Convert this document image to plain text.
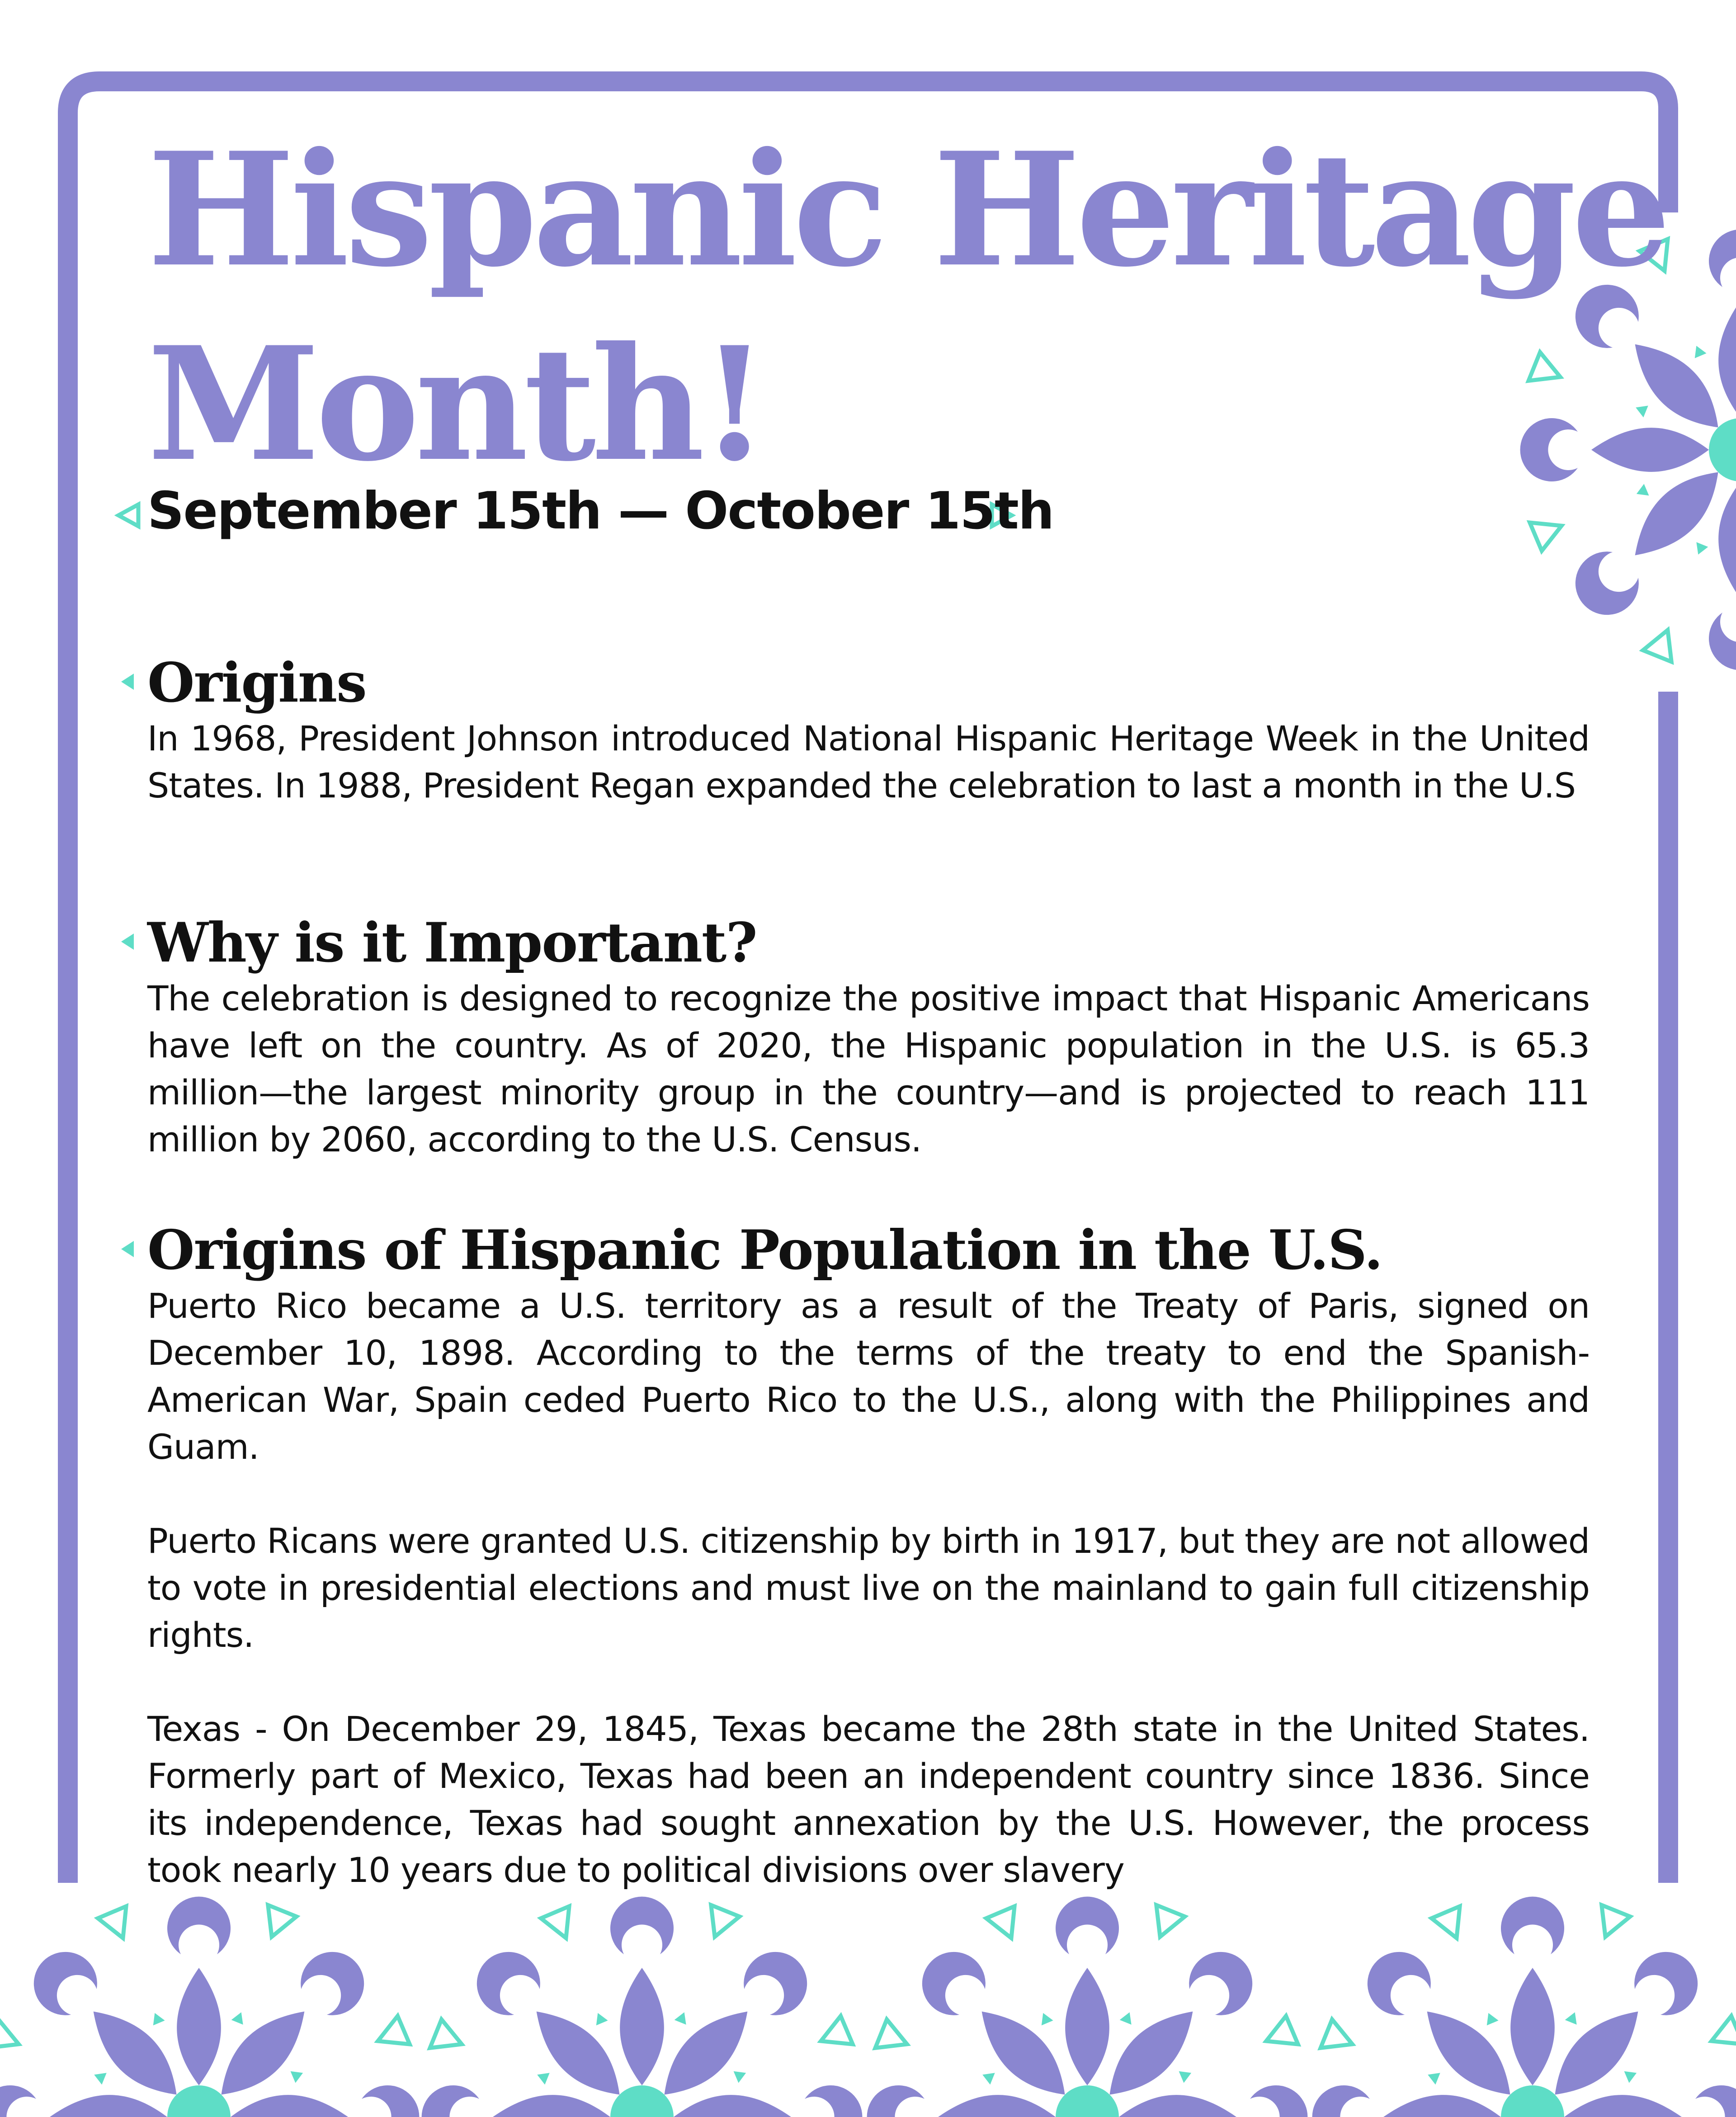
Hispanic Heritage
Month!
September 15th — October 15th
Origins

In 1968, President Johnson introduced National Hispanic Heritage Week in the United States. In 1988, President Regan expanded the celebration to last a month in the U.S

Why is it Important?

The celebration is designed to recognize the positive impact that Hispanic Americans have left on the country. As of 2020, the Hispanic population in the U.S. is 65.3 million—the largest minority group in the country—and is projected to reach 111 million by 2060, according to the U.S. Census.

Origins of Hispanic Population in the U.S.

Puerto Rico became a U.S. territory as a result of the Treaty of Paris, signed on December 10, 1898. According to the terms of the treaty to end the Spanish-American War, Spain ceded Puerto Rico to the U.S., along with the Philippines and Guam.

Puerto Ricans were granted U.S. citizenship by birth in 1917, but they are not allowed to vote in presidential elections and must live on the mainland to gain full citizenship rights.

Texas - On December 29, 1845, Texas became the 28th state in the United States. Formerly part of Mexico, Texas had been an independent country since 1836. Since its independence, Texas had sought annexation by the U.S. However, the process took nearly 10 years due to political divisions over slavery
